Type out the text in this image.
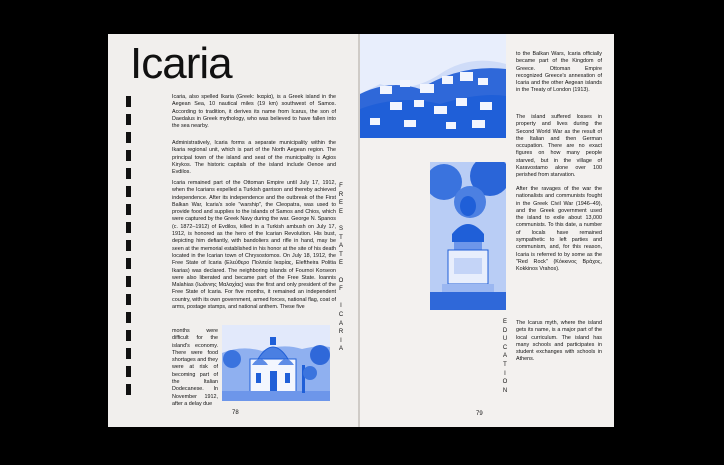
Icaria

Icaria, also spelled Ikaria (Greek: Ικαρία), is a Greek island in the Aegean Sea, 10 nautical miles (19 km) southwest of Samos. According to tradition, it derives its name from Icarus, the son of Daedalus in Greek mythology, who was believed to have fallen into the sea nearby.

Administratively, Icaria forms a separate municipality within the Ikaria regional unit, which is part of the North Aegean region. The principal town of the island and seat of the municipality is Agios Kirykos. The historic capitals of the island include Oenoe and Evdilos.

Icaria remained part of the Ottoman Empire until July 17, 1912, when the Icarians expelled a Turkish garrison and thereby achieved independence. After its independence and the outbreak of the First Balkan War, Icaria's sole "warship", the Cleopatra, was used to provide food and supplies to the islands of Samos and Chios, which were captured by the Greek Navy during the war. George N. Spanos (c. 1872–1912) of Evdilos, killed in a Turkish ambush on July 17, 1912, is honored as the hero of the Icarian Revolution. His bust, depicting him defiantly, with bandoliers and rifle in hand, may be seen at the memorial established in his honor at the site of his death located in the Icarian town of Chrysostomos. On July 18, 1912, the Free State of Icaria (Ελεύθερο Πολιτεία Ικαρίας, Eleftheira Politia Ikarias) was declared. The neighboring islands of Fournoi Korseon were also liberated and became part of the Free State. Ioannis Malahias (Ιωάννης Μαλαχίας) was the first and only president of the Free State of Icaria. For five months, it remained an independent country, with its own government, armed forces, national flag, coat of arms, postage stamps, and national anthem. These five

months were difficult for the island's economy. There were food shortages and they were at risk of becoming part of the Italian Dodecanese. In November 1912, after a delay due

F
R
E
E

S
T
A
T
E

O
F

I
C
A
R
I
A
78

to the Balkan Wars, Icaria officially became part of the Kingdom of Greece. Ottoman Empire recognized Greece's annexation of Icaria and the other Aegean islands in the Treaty of London (1913).

The island suffered losses in property and lives during the Second World War as the result of the Italian and then German occupation. There are no exact figures on how many people starved, but in the village of Karavostamo alone over 100 perished from starvation.

After the ravages of the war the nationalists and communists fought in the Greek Civil War (1946–49), and the Greek government used the island to exile about 13,000 communists. To this date, a number of locals have remained sympathetic to left parties and communism, and, for this reason, Icaria is referred to by some as the "Red Rock" (Κόκκινος Βράχος, Kokkinos Vrahos).

The Icarus myth, where the island gets its name, is a major part of the local curriculum. The island has many schools and participates in student exchanges with schools in Athens.

E
D
U
C
A
T
I
O
N
79
